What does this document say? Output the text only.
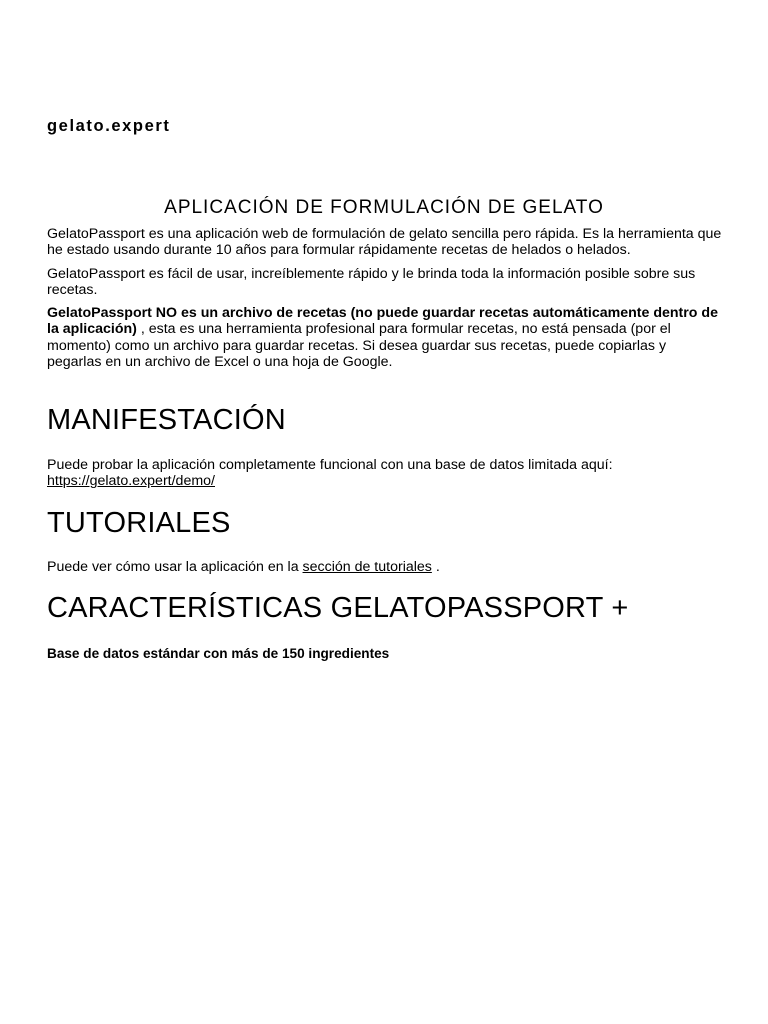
gelato.expert
APLICACIÓN DE FORMULACIÓN DE GELATO

GelatoPassport es una aplicación web de formulación de gelato sencilla pero rápida. Es la herramienta que he estado usando durante 10 años para formular rápidamente recetas de helados o helados.

GelatoPassport es fácil de usar, increíblemente rápido y le brinda toda la información posible sobre sus recetas.

GelatoPassport NO es un archivo de recetas (no puede guardar recetas automáticamente dentro de la aplicación) , esta es una herramienta profesional para formular recetas, no está pensada (por el momento) como un archivo para guardar recetas. Si desea guardar sus recetas, puede copiarlas y pegarlas en un archivo de Excel o una hoja de Google.

MANIFESTACIÓN

Puede probar la aplicación completamente funcional con una base de datos limitada aquí: https://gelato.expert/demo/

TUTORIALES

Puede ver cómo usar la aplicación en la sección de tutoriales .

CARACTERÍSTICAS GELATOPASSPORT +

Base de datos estándar con más de 150 ingredientes
